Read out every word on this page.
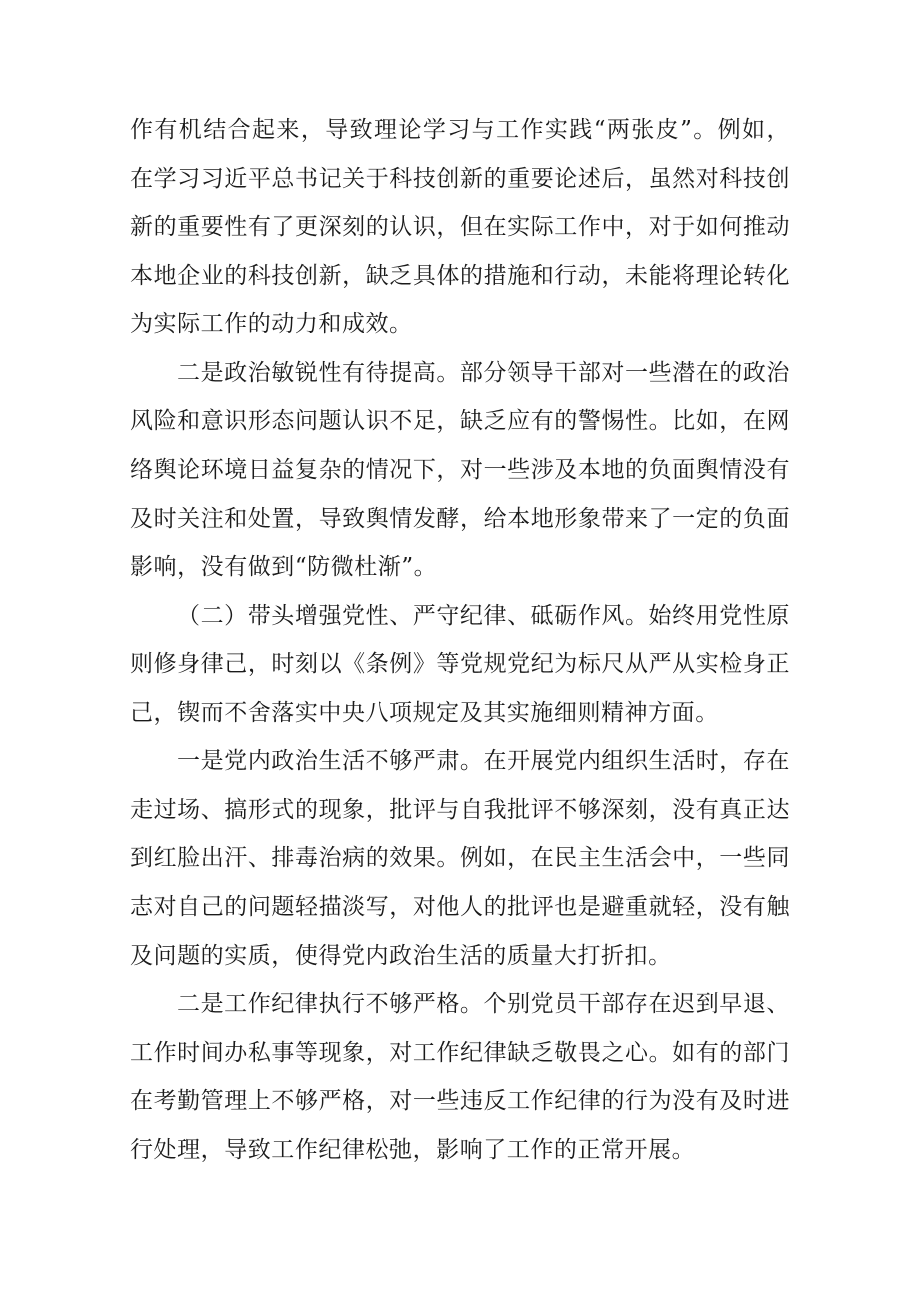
作有机结合起来，导致理论学习与工作实践“两张皮”。例如，
在学习习近平总书记关于科技创新的重要论述后，虽然对科技创
新的重要性有了更深刻的认识，但在实际工作中，对于如何推动
本地企业的科技创新，缺乏具体的措施和行动，未能将理论转化
为实际工作的动力和成效。
二是政治敏锐性有待提高。部分领导干部对一些潜在的政治
风险和意识形态问题认识不足，缺乏应有的警惕性。比如，在网
络舆论环境日益复杂的情况下，对一些涉及本地的负面舆情没有
及时关注和处置，导致舆情发酵，给本地形象带来了一定的负面
影响，没有做到“防微杜渐”。
（二）带头增强党性、严守纪律、砥砺作风。始终用党性原
则修身律己，时刻以《条例》等党规党纪为标尺从严从实检身正
己，锲而不舍落实中央八项规定及其实施细则精神方面。
一是党内政治生活不够严肃。在开展党内组织生活时，存在
走过场、搞形式的现象，批评与自我批评不够深刻，没有真正达
到红脸出汗、排毒治病的效果。例如，在民主生活会中，一些同
志对自己的问题轻描淡写，对他人的批评也是避重就轻，没有触
及问题的实质，使得党内政治生活的质量大打折扣。
二是工作纪律执行不够严格。个别党员干部存在迟到早退、
工作时间办私事等现象，对工作纪律缺乏敬畏之心。如有的部门
在考勤管理上不够严格，对一些违反工作纪律的行为没有及时进
行处理，导致工作纪律松弛，影响了工作的正常开展。
